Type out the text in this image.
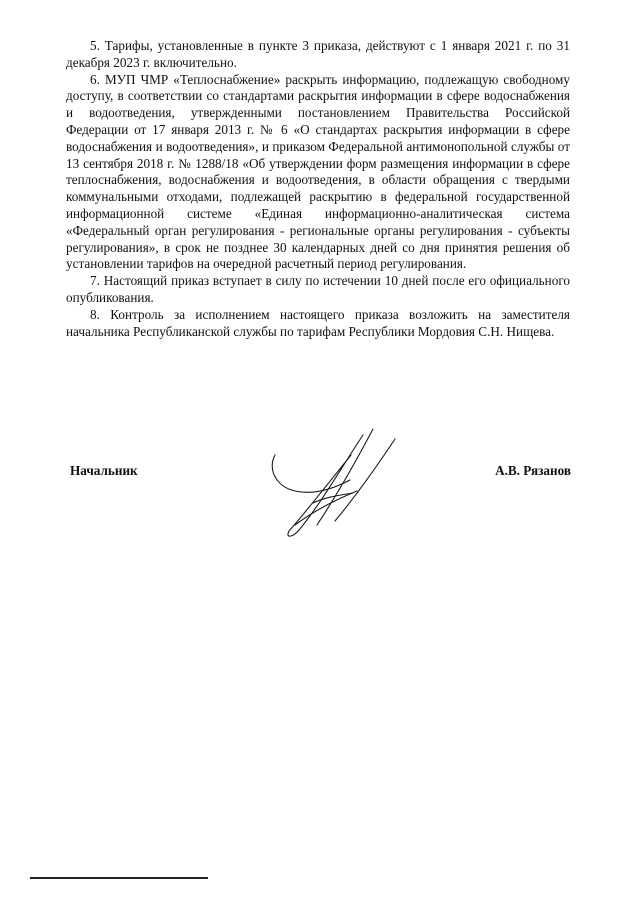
5. Тарифы, установленные в пункте 3 приказа, действуют с 1 января 2021 г. по 31 декабря 2023 г. включительно.

6. МУП ЧМР «Теплоснабжение» раскрыть информацию, подлежащую свободному доступу, в соответствии со стандартами раскрытия информации в сфере водоснабжения и водоотведения, утвержденными постановлением Правительства Российской Федерации от 17 января 2013 г. № 6 «О стандартах раскрытия информации в сфере водоснабжения и водоотведения», и приказом Федеральной антимонопольной службы от 13 сентября 2018 г. № 1288/18 «Об утверждении форм размещения информации в сфере теплоснабжения, водоснабжения и водоотведения, в области обращения с твердыми коммунальными отходами, подлежащей раскрытию в федеральной государственной информационной системе «Единая информационно-аналитическая система «Федеральный орган регулирования - региональные органы регулирования - субъекты регулирования», в срок не позднее 30 календарных дней со дня принятия решения об установлении тарифов на очередной расчетный период регулирования.

7. Настоящий приказ вступает в силу по истечении 10 дней после его официального опубликования.

8. Контроль за исполнением настоящего приказа возложить на заместителя начальника Республиканской службы по тарифам Республики Мордовия С.Н. Нищева.

Начальник	А.В. Рязанов
